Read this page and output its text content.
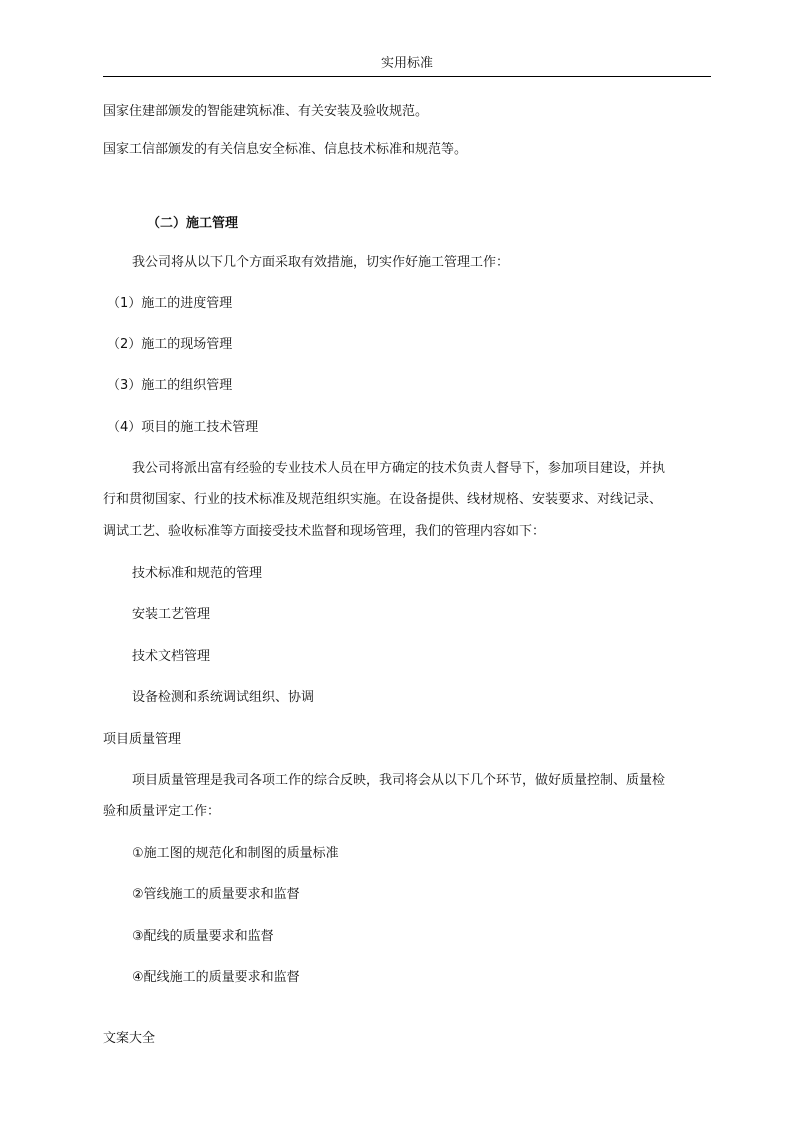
实用标准
国家住建部颁发的智能建筑标准、有关安装及验收规范。
国家工信部颁发的有关信息安全标准、信息技术标准和规范等。
（二）施工管理
我公司将从以下几个方面采取有效措施，切实作好施工管理工作：
（1）施工的进度管理
（2）施工的现场管理
（3）施工的组织管理
（4）项目的施工技术管理
我公司将派出富有经验的专业技术人员在甲方确定的技术负责人督导下，参加项目建设，并执
行和贯彻国家、行业的技术标准及规范组织实施。在设备提供、线材规格、安装要求、对线记录、
调试工艺、验收标准等方面接受技术监督和现场管理，我们的管理内容如下：
技术标准和规范的管理
安装工艺管理
技术文档管理
设备检测和系统调试组织、协调
项目质量管理
项目质量管理是我司各项工作的综合反映，我司将会从以下几个环节，做好质量控制、质量检
验和质量评定工作：
①施工图的规范化和制图的质量标准
②管线施工的质量要求和监督
③配线的质量要求和监督
④配线施工的质量要求和监督
文案大全
